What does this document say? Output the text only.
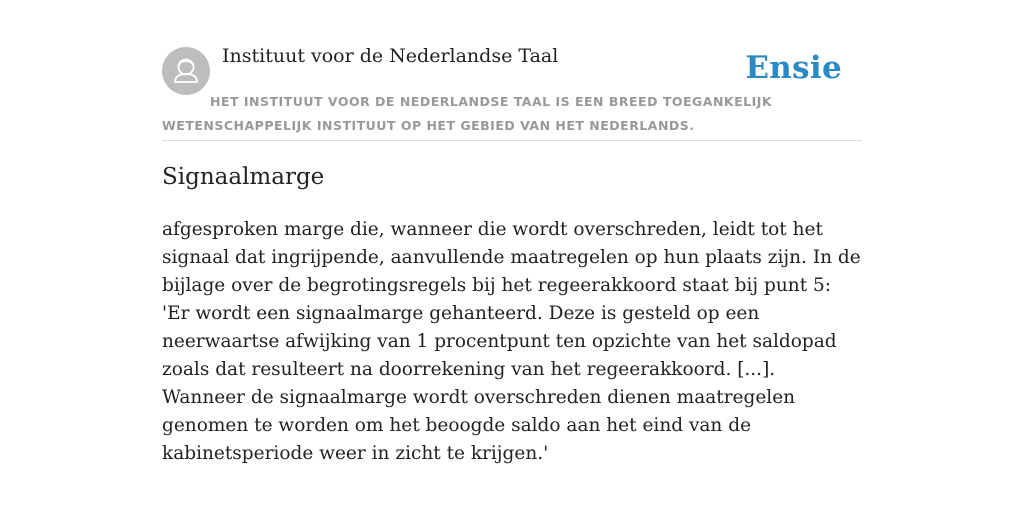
Instituut voor de Nederlandse Taal	Ensie
HET INSTITUUT VOOR DE NEDERLANDSE TAAL IS EEN BREED TOEGANKELIJK WETENSCHAPPELIJK INSTITUUT OP HET GEBIED VAN HET NEDERLANDS.
Signaalmarge
afgesproken marge die, wanneer die wordt overschreden, leidt tot het signaal dat ingrijpende, aanvullende maatregelen op hun plaats zijn. In de bijlage over de begrotingsregels bij het regeerakkoord staat bij punt 5: 'Er wordt een signaalmarge gehanteerd. Deze is gesteld op een neerwaartse afwijking van 1 procentpunt ten opzichte van het saldopad zoals dat resulteert na doorrekening van het regeerakkoord. [...]. Wanneer de signaalmarge wordt overschreden dienen maatregelen genomen te worden om het beoogde saldo aan het eind van de kabinetsperiode weer in zicht te krijgen.'
